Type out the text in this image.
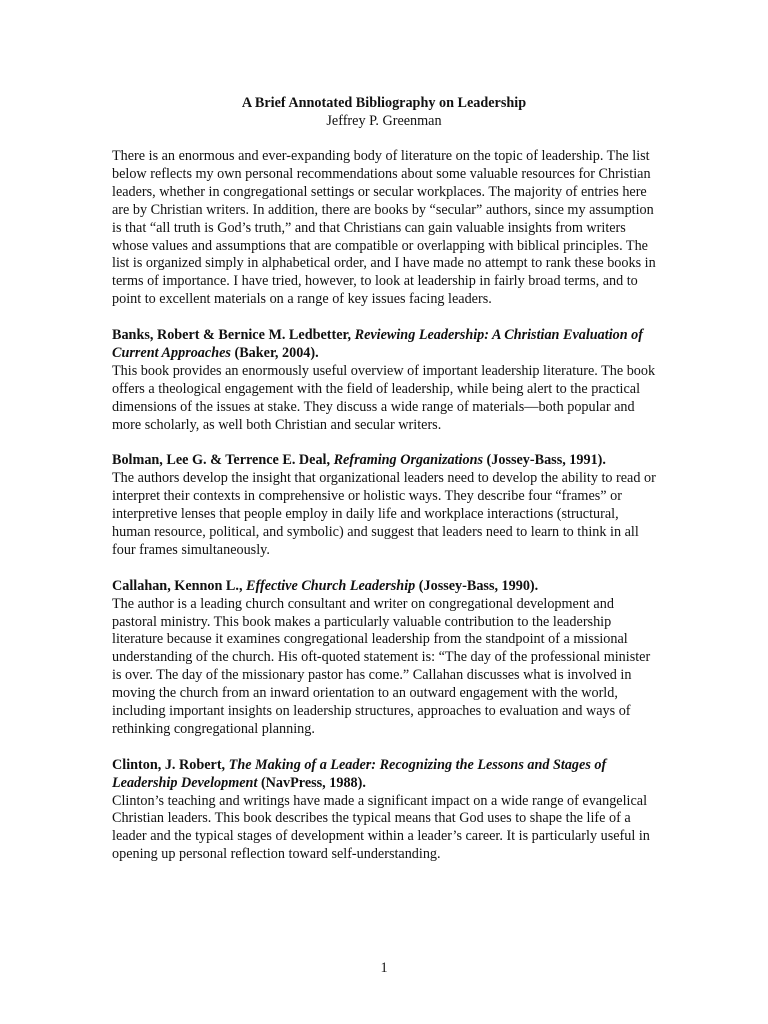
A Brief Annotated Bibliography on Leadership
Jeffrey P. Greenman

There is an enormous and ever-expanding body of literature on the topic of leadership. The list below reflects my own personal recommendations about some valuable resources for Christian leaders, whether in congregational settings or secular workplaces. The majority of entries here are by Christian writers. In addition, there are books by “secular” authors, since my assumption is that “all truth is God’s truth,” and that Christians can gain valuable insights from writers whose values and assumptions that are compatible or overlapping with biblical principles. The list is organized simply in alphabetical order, and I have made no attempt to rank these books in terms of importance. I have tried, however, to look at leadership in fairly broad terms, and to point to excellent materials on a range of key issues facing leaders.

Banks, Robert & Bernice M. Ledbetter, Reviewing Leadership: A Christian Evaluation of Current Approaches (Baker, 2004).

This book provides an enormously useful overview of important leadership literature. The book offers a theological engagement with the field of leadership, while being alert to the practical dimensions of the issues at stake. They discuss a wide range of materials—both popular and more scholarly, as well both Christian and secular writers.

Bolman, Lee G. & Terrence E. Deal, Reframing Organizations (Jossey-Bass, 1991).

The authors develop the insight that organizational leaders need to develop the ability to read or interpret their contexts in comprehensive or holistic ways. They describe four “frames” or interpretive lenses that people employ in daily life and workplace interactions (structural, human resource, political, and symbolic) and suggest that leaders need to learn to think in all four frames simultaneously.

Callahan, Kennon L., Effective Church Leadership (Jossey-Bass, 1990).

The author is a leading church consultant and writer on congregational development and pastoral ministry. This book makes a particularly valuable contribution to the leadership literature because it examines congregational leadership from the standpoint of a missional understanding of the church. His oft-quoted statement is: “The day of the professional minister is over. The day of the missionary pastor has come.” Callahan discusses what is involved in moving the church from an inward orientation to an outward engagement with the world, including important insights on leadership structures, approaches to evaluation and ways of rethinking congregational planning.

Clinton, J. Robert, The Making of a Leader: Recognizing the Lessons and Stages of Leadership Development (NavPress, 1988).

Clinton’s teaching and writings have made a significant impact on a wide range of evangelical Christian leaders. This book describes the typical means that God uses to shape the life of a leader and the typical stages of development within a leader’s career. It is particularly useful in opening up personal reflection toward self-understanding.

1
